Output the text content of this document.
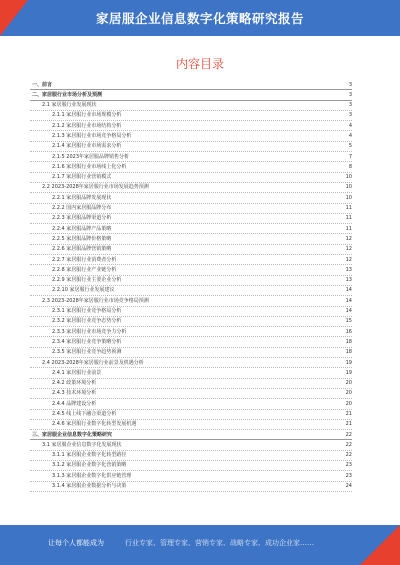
家居服企业信息数字化策略研究报告
内容目录
一、前言	3
二、家居服行业市场分析及预测	3
2.1 家居服行业发展现状	3
2.1.1 家居服行业市场规模分析	3
2.1.2 家居服行业市场结构分析	4
2.1.3 家居服行业市场竞争格局分析	4
2.1.4 家居服行业市场需求分析	5
2.1.5 2023年家居服品牌销售分析	7
2.1.6 家居服行业市场线上化分析	8
2.1.7 家居服行业营销模式	10
2.2 2023-2028年家居服行业市场发展趋势预测	10
2.2.1 家居服品牌发展现状	10
2.2.2 国内家居服品牌分布	11
2.2.3 家居服品牌渠道分析	11
2.2.4 家居服品牌产品策略	11
2.2.5 家居服品牌价格策略	12
2.2.6 家居服品牌营销策略	12
2.2.7 家居服行业消费者分析	12
2.2.8 家居服行业产业链分析	13
2.2.9 家居服行业主要企业分析	13
2.2.10 家居服行业发展建议	14
2.3 2023-2028年家居服行业市场竞争格局预测	14
2.3.1 家居服行业竞争格局分析	14
2.3.2 家居服行业竞争态势分析	15
2.3.3 家居服行业市场竞争力分析	16
2.3.4 家居服行业竞争策略分析	18
2.3.5 家居服行业竞争趋势预测	18
2.4 2023-2028年家居服行业前景及机遇分析	19
2.4.1 家居服行业前景	19
2.4.2 政策环境分析	20
2.4.3 技术环境分析	20
2.4.4 品牌建设分析	20
2.4.5 线上线下融合渠道分析	21
2.4.6 家居服行业数字化转型发展机遇	21
三、家居服企业信息数字化策略研究	22
3.1 家居服企业信息数字化发展现状	22
3.1.1 家居服企业数字化转型路径	22
3.1.2 家居服企业数字化营销策略	23
3.1.3 家居服企业数字化供应链管理	23
3.1.4 家居服企业数据分析与决策	24
让每个人都能成为	行业专家、管理专家、营销专家、战略专家、成功企业家……
